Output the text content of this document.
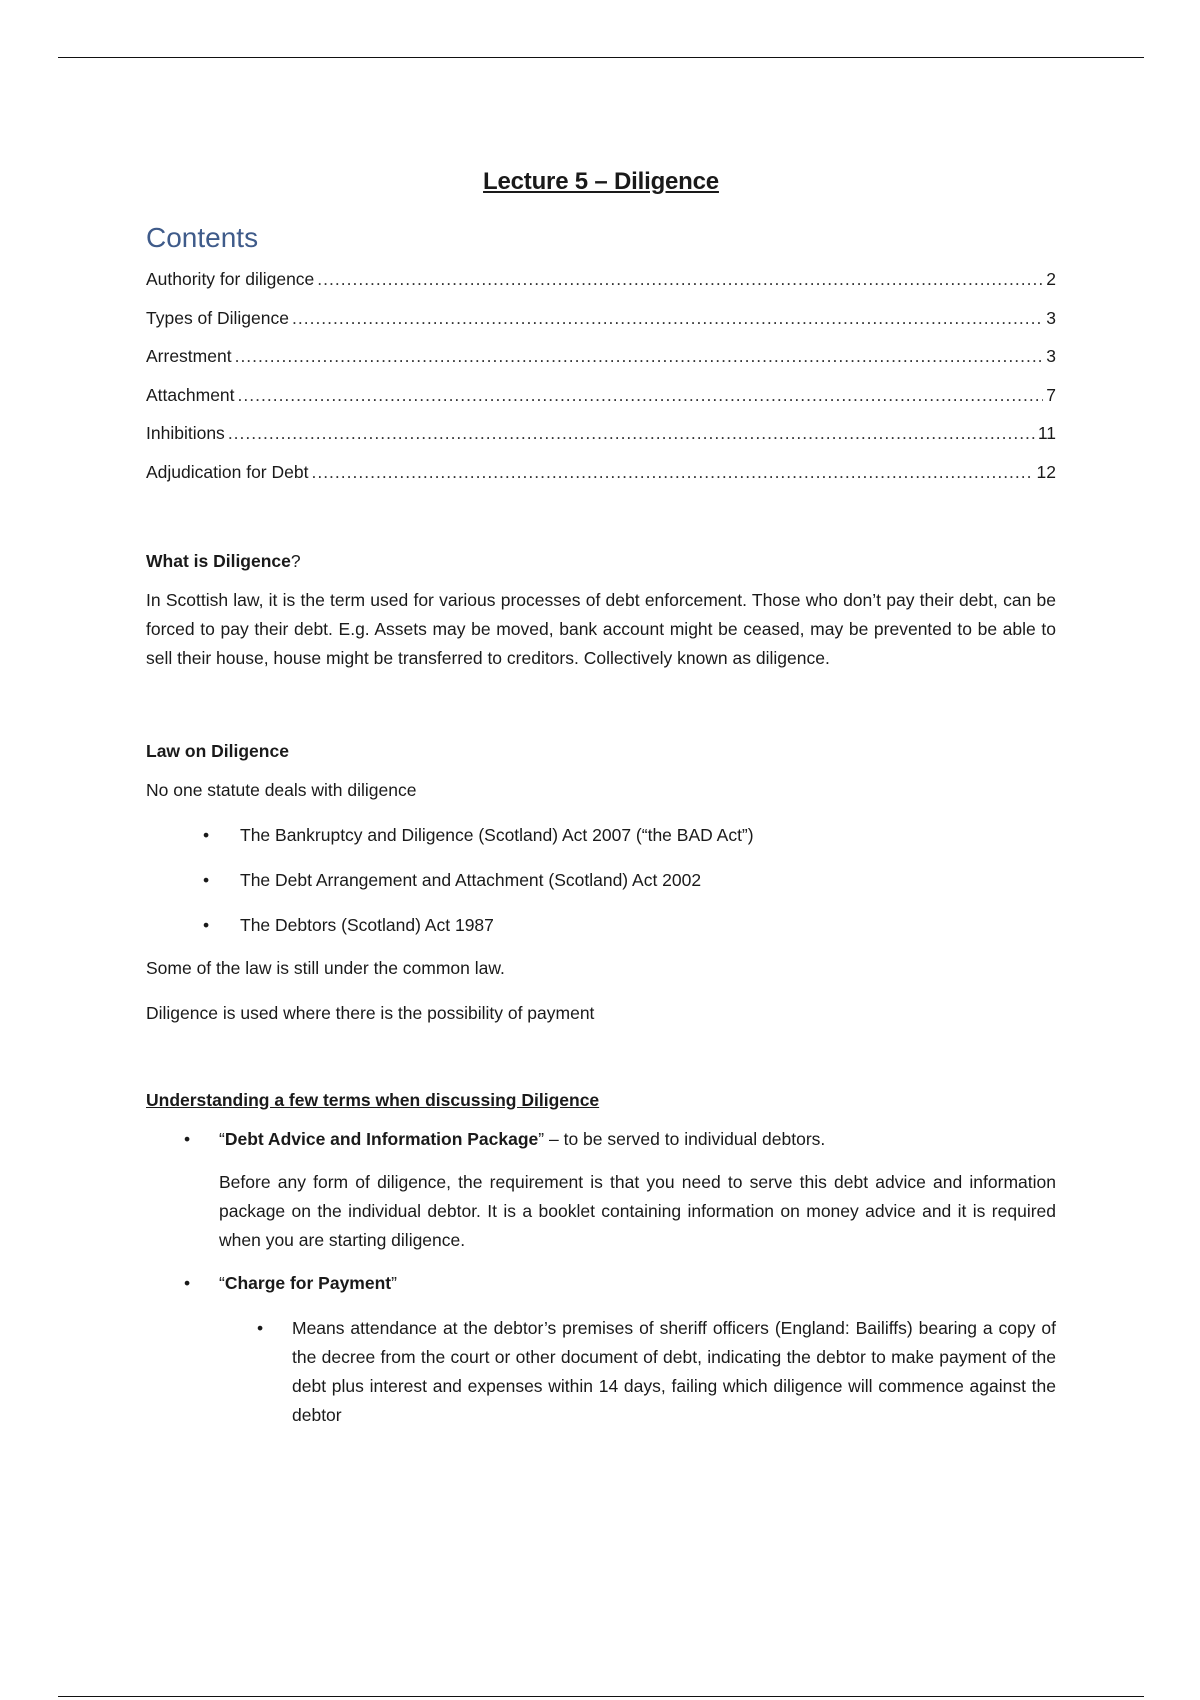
Lecture 5 – Diligence
Contents
Authority for diligence .....	2
Types of Diligence .....	3
Arrestment .....	3
Attachment .....	7
Inhibitions .....	11
Adjudication for Debt .....	12
What is Diligence?

In Scottish law, it is the term used for various processes of debt enforcement. Those who don’t pay their debt, can be forced to pay their debt. E.g. Assets may be moved, bank account might be ceased, may be prevented to be able to sell their house, house might be transferred to creditors. Collectively known as diligence.

Law on Diligence

No one statute deals with diligence

• The Bankruptcy and Diligence (Scotland) Act 2007 (“the BAD Act”)
• The Debt Arrangement and Attachment (Scotland) Act 2002
• The Debtors (Scotland) Act 1987

Some of the law is still under the common law.

Diligence is used where there is the possibility of payment

Understanding a few terms when discussing Diligence
• “Debt Advice and Information Package” – to be served to individual debtors.

Before any form of diligence, the requirement is that you need to serve this debt advice and information package on the individual debtor. It is a booklet containing information on money advice and it is required when you are starting diligence.

• “Charge for Payment”
• Means attendance at the debtor’s premises of sheriff officers (England: Bailiffs) bearing a copy of the decree from the court or other document of debt, indicating the debtor to make payment of the debt plus interest and expenses within 14 days, failing which diligence will commence against the debtor
